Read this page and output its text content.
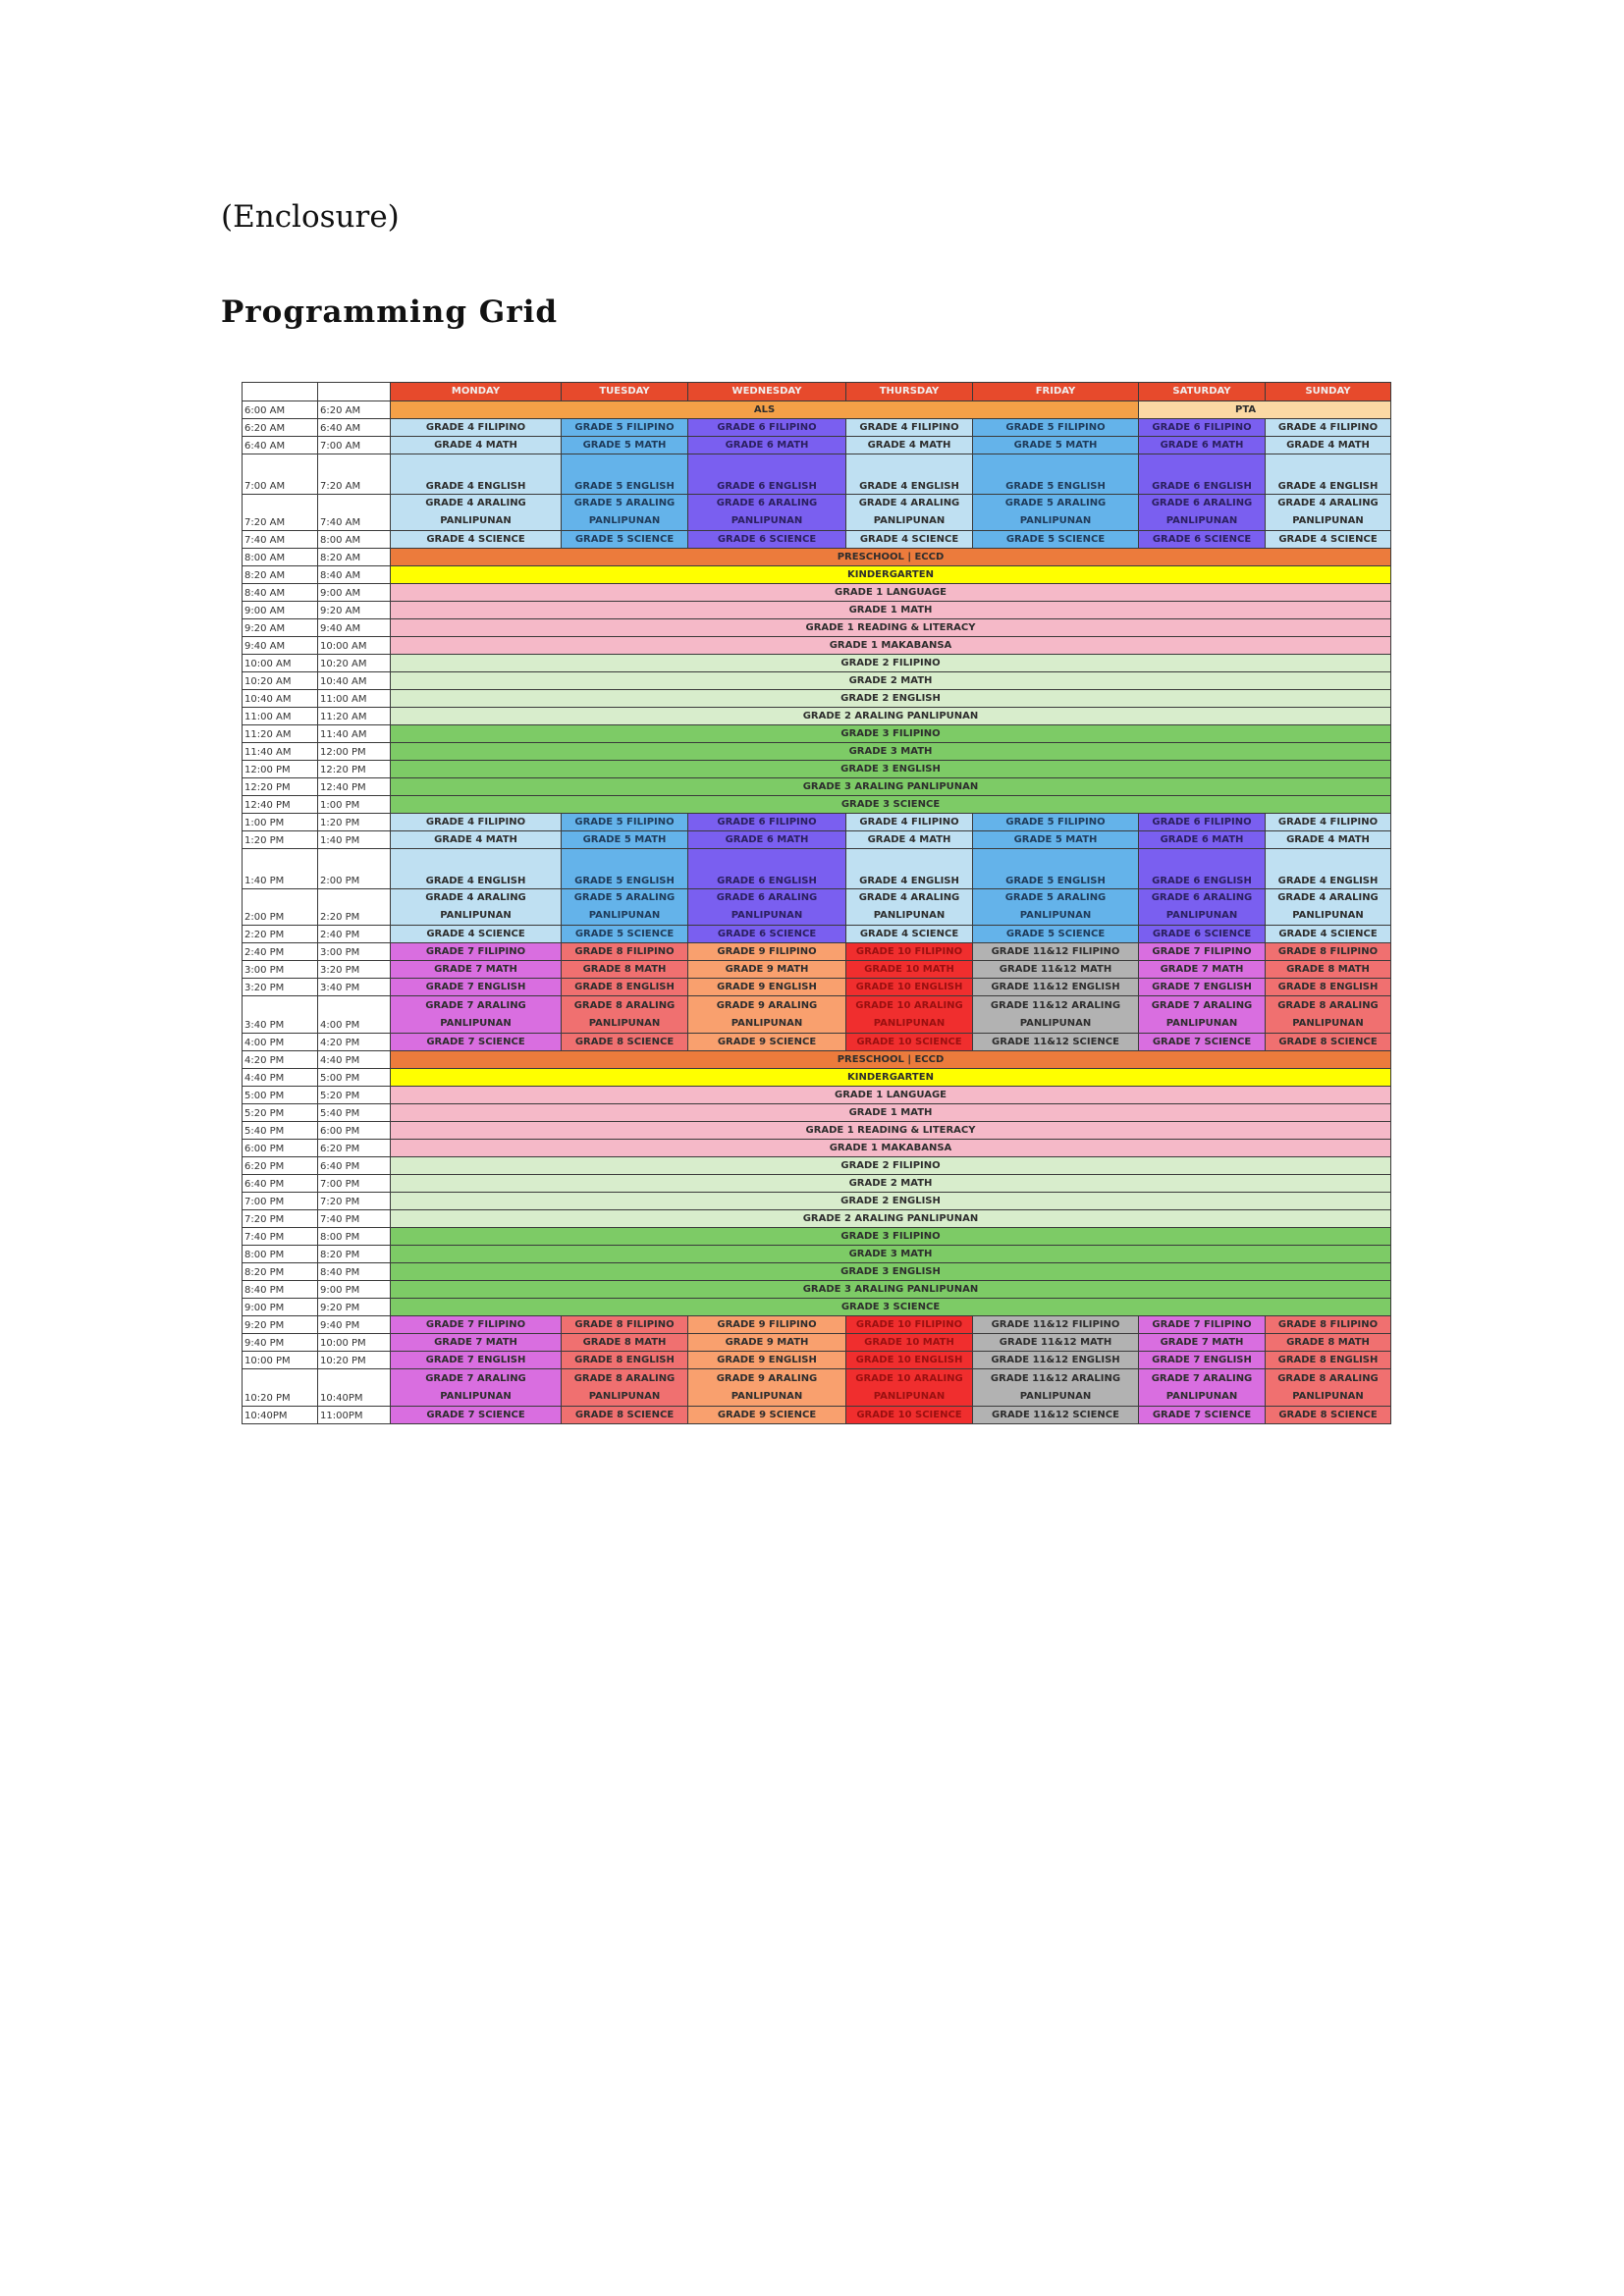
(Enclosure)
Programming Grid
		MONDAY	TUESDAY	WEDNESDAY	THURSDAY	FRIDAY	SATURDAY	SUNDAY
6:00 AM	6:20 AM	ALS					PTA	
6:20 AM	6:40 AM	GRADE 4 FILIPINO	GRADE 5 FILIPINO	GRADE 6 FILIPINO	GRADE 4 FILIPINO	GRADE 5 FILIPINO	GRADE 6 FILIPINO	GRADE 4 FILIPINO
6:40 AM	7:00 AM	GRADE 4 MATH	GRADE 5 MATH	GRADE 6 MATH	GRADE 4 MATH	GRADE 5 MATH	GRADE 6 MATH	GRADE 4 MATH
7:00 AM	7:20 AM	GRADE 4 ENGLISH	GRADE 5 ENGLISH	GRADE 6 ENGLISH	GRADE 4 ENGLISH	GRADE 5 ENGLISH	GRADE 6 ENGLISH	GRADE 4 ENGLISH
7:20 AM	7:40 AM	GRADE 4 ARALING PANLIPUNAN	GRADE 5 ARALING PANLIPUNAN	GRADE 6 ARALING PANLIPUNAN	GRADE 4 ARALING PANLIPUNAN	GRADE 5 ARALING PANLIPUNAN	GRADE 6 ARALING PANLIPUNAN	GRADE 4 ARALING PANLIPUNAN
7:40 AM	8:00 AM	GRADE 4 SCIENCE	GRADE 5 SCIENCE	GRADE 6 SCIENCE	GRADE 4 SCIENCE	GRADE 5 SCIENCE	GRADE 6 SCIENCE	GRADE 4 SCIENCE
8:00 AM	8:20 AM	PRESCHOOL | ECCD						
8:20 AM	8:40 AM	KINDERGARTEN						
8:40 AM	9:00 AM	GRADE 1 LANGUAGE						
9:00 AM	9:20 AM	GRADE 1 MATH						
9:20 AM	9:40 AM	GRADE 1 READING & LITERACY						
9:40 AM	10:00 AM	GRADE 1 MAKABANSA						
10:00 AM	10:20 AM	GRADE 2 FILIPINO						
10:20 AM	10:40 AM	GRADE 2 MATH						
10:40 AM	11:00 AM	GRADE 2 ENGLISH						
11:00 AM	11:20 AM	GRADE 2 ARALING PANLIPUNAN						
11:20 AM	11:40 AM	GRADE 3 FILIPINO						
11:40 AM	12:00 PM	GRADE 3 MATH						
12:00 PM	12:20 PM	GRADE 3 ENGLISH						
12:20 PM	12:40 PM	GRADE 3 ARALING PANLIPUNAN						
12:40 PM	1:00 PM	GRADE 3 SCIENCE						
1:00 PM	1:20 PM	GRADE 4 FILIPINO	GRADE 5 FILIPINO	GRADE 6 FILIPINO	GRADE 4 FILIPINO	GRADE 5 FILIPINO	GRADE 6 FILIPINO	GRADE 4 FILIPINO
1:20 PM	1:40 PM	GRADE 4 MATH	GRADE 5 MATH	GRADE 6 MATH	GRADE 4 MATH	GRADE 5 MATH	GRADE 6 MATH	GRADE 4 MATH
1:40 PM	2:00 PM	GRADE 4 ENGLISH	GRADE 5 ENGLISH	GRADE 6 ENGLISH	GRADE 4 ENGLISH	GRADE 5 ENGLISH	GRADE 6 ENGLISH	GRADE 4 ENGLISH
2:00 PM	2:20 PM	GRADE 4 ARALING PANLIPUNAN	GRADE 5 ARALING PANLIPUNAN	GRADE 6 ARALING PANLIPUNAN	GRADE 4 ARALING PANLIPUNAN	GRADE 5 ARALING PANLIPUNAN	GRADE 6 ARALING PANLIPUNAN	GRADE 4 ARALING PANLIPUNAN
2:20 PM	2:40 PM	GRADE 4 SCIENCE	GRADE 5 SCIENCE	GRADE 6 SCIENCE	GRADE 4 SCIENCE	GRADE 5 SCIENCE	GRADE 6 SCIENCE	GRADE 4 SCIENCE
2:40 PM	3:00 PM	GRADE 7 FILIPINO	GRADE 8 FILIPINO	GRADE 9 FILIPINO	GRADE 10 FILIPINO	GRADE 11&12 FILIPINO	GRADE 7 FILIPINO	GRADE 8 FILIPINO
3:00 PM	3:20 PM	GRADE 7 MATH	GRADE 8 MATH	GRADE 9 MATH	GRADE 10 MATH	GRADE 11&12 MATH	GRADE 7 MATH	GRADE 8 MATH
3:20 PM	3:40 PM	GRADE 7 ENGLISH	GRADE 8 ENGLISH	GRADE 9 ENGLISH	GRADE 10 ENGLISH	GRADE 11&12 ENGLISH	GRADE 7 ENGLISH	GRADE 8 ENGLISH
3:40 PM	4:00 PM	GRADE 7 ARALING PANLIPUNAN	GRADE 8 ARALING PANLIPUNAN	GRADE 9 ARALING PANLIPUNAN	GRADE 10 ARALING PANLIPUNAN	GRADE 11&12 ARALING PANLIPUNAN	GRADE 7 ARALING PANLIPUNAN	GRADE 8 ARALING PANLIPUNAN
4:00 PM	4:20 PM	GRADE 7 SCIENCE	GRADE 8 SCIENCE	GRADE 9 SCIENCE	GRADE 10 SCIENCE	GRADE 11&12 SCIENCE	GRADE 7 SCIENCE	GRADE 8 SCIENCE
4:20 PM	4:40 PM	PRESCHOOL | ECCD						
4:40 PM	5:00 PM	KINDERGARTEN						
5:00 PM	5:20 PM	GRADE 1 LANGUAGE						
5:20 PM	5:40 PM	GRADE 1 MATH						
5:40 PM	6:00 PM	GRADE 1 READING & LITERACY						
6:00 PM	6:20 PM	GRADE 1 MAKABANSA						
6:20 PM	6:40 PM	GRADE 2 FILIPINO						
6:40 PM	7:00 PM	GRADE 2 MATH						
7:00 PM	7:20 PM	GRADE 2 ENGLISH						
7:20 PM	7:40 PM	GRADE 2 ARALING PANLIPUNAN						
7:40 PM	8:00 PM	GRADE 3 FILIPINO						
8:00 PM	8:20 PM	GRADE 3 MATH						
8:20 PM	8:40 PM	GRADE 3 ENGLISH						
8:40 PM	9:00 PM	GRADE 3 ARALING PANLIPUNAN						
9:00 PM	9:20 PM	GRADE 3 SCIENCE						
9:20 PM	9:40 PM	GRADE 7 FILIPINO	GRADE 8 FILIPINO	GRADE 9 FILIPINO	GRADE 10 FILIPINO	GRADE 11&12 FILIPINO	GRADE 7 FILIPINO	GRADE 8 FILIPINO
9:40 PM	10:00 PM	GRADE 7 MATH	GRADE 8 MATH	GRADE 9 MATH	GRADE 10 MATH	GRADE 11&12 MATH	GRADE 7 MATH	GRADE 8 MATH
10:00 PM	10:20 PM	GRADE 7 ENGLISH	GRADE 8 ENGLISH	GRADE 9 ENGLISH	GRADE 10 ENGLISH	GRADE 11&12 ENGLISH	GRADE 7 ENGLISH	GRADE 8 ENGLISH
10:20 PM	10:40PM	GRADE 7 ARALING PANLIPUNAN	GRADE 8 ARALING PANLIPUNAN	GRADE 9 ARALING PANLIPUNAN	GRADE 10 ARALING PANLIPUNAN	GRADE 11&12 ARALING PANLIPUNAN	GRADE 7 ARALING PANLIPUNAN	GRADE 8 ARALING PANLIPUNAN
10:40PM	11:00PM	GRADE 7 SCIENCE	GRADE 8 SCIENCE	GRADE 9 SCIENCE	GRADE 10 SCIENCE	GRADE 11&12 SCIENCE	GRADE 7 SCIENCE	GRADE 8 SCIENCE
